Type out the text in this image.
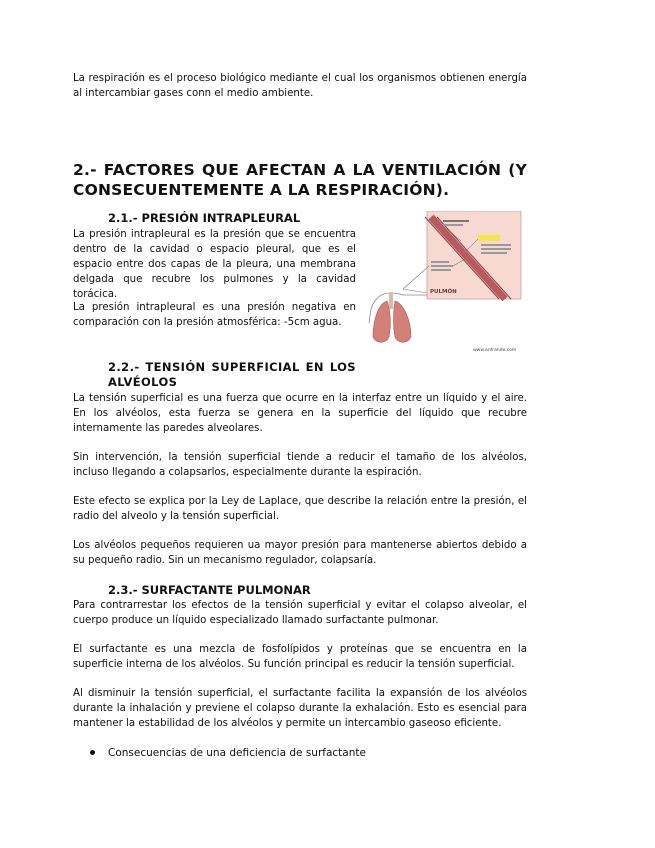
La respiración es el proceso biológico mediante el cual los organismos obtienen energía al intercambiar gases conn el medio ambiente.

2.- FACTORES QUE AFECTAN A LA VENTILACIÓN (Y CONSECUENTEMENTE A LA RESPIRACIÓN).
2.1.- PRESIÓN INTRAPLEURAL

La presión intrapleural es la presión que se encuentra dentro de la cavidad o espacio pleural, que es el espacio entre dos capas de la pleura, una membrana delgada que recubre los pulmones y la cavidad torácica.

La presión intrapleural es una presión negativa en comparación con la presión atmosférica: -5cm agua.

PULMÓN
www.anfrando.com
2.2.- TENSIÓN SUPERFICIAL EN LOS ALVÉOLOS

La tensión superficial es una fuerza que ocurre en la interfaz entre un líquido y el aire. En los alvéolos, esta fuerza se genera en la superficie del líquido que recubre internamente las paredes alveolares.

Sin intervención, la tensión superficial tiende a reducir el tamaño de los alvéolos, incluso llegando a colapsarlos, especialmente durante la espiración.

Este efecto se explica por la Ley de Laplace, que describe la relación entre la presión, el radio del alveolo y la tensión superficial.

Los alvéolos pequeños requieren ua mayor presión para mantenerse abiertos debido a su pequeño radio. Sin un mecanismo regulador, colapsaría.

2.3.- SURFACTANTE PULMONAR

Para contrarrestar los efectos de la tensión superficial y evitar el colapso alveolar, el cuerpo produce un líquido especializado llamado surfactante pulmonar.

El surfactante es una mezcla de fosfolípidos y proteínas que se encuentra en la superficie interna de los alvéolos. Su función principal es reducir la tensión superficial.

Al disminuir la tensión superficial, el surfactante facilita la expansión de los alvéolos durante la inhalación y previene el colapso durante la exhalación. Esto es esencial para mantener la estabilidad de los alvéolos y permite un intercambio gaseoso eficiente.

Consecuencias de una deficiencia de surfactante
